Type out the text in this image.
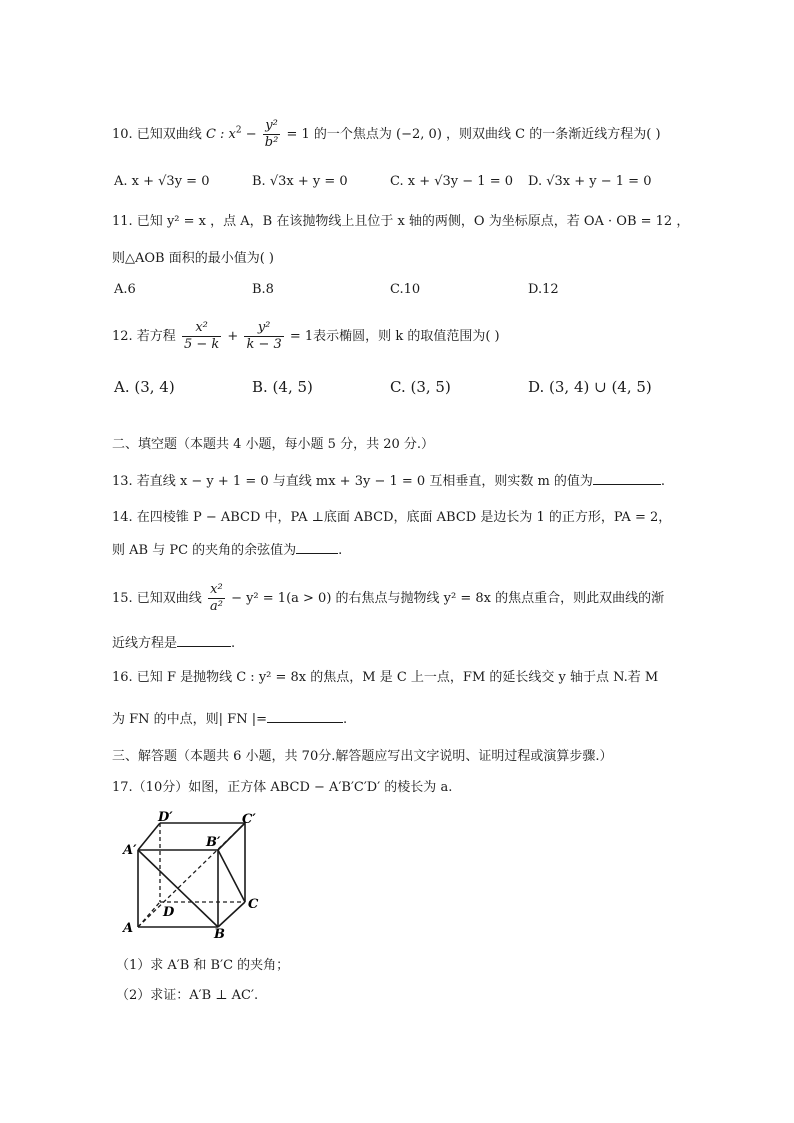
10. 已知双曲线 C : $x^2 - \frac{\text{y²}}{\text{b²}} = 1$ 的一个焦点为 (−2, 0) ，则双曲线 C 的一条渐近线方程为( )
A. x + √3y = 0	B. √3x + y = 0	C. x + √3y − 1 = 0 D. √3x + y − 1 = 0
11. 已知 y² = x ，点 A，B 在该抛物线上且位于 x 轴的两侧，O 为坐标原点，若 OA · OB = 12 ，
则△AOB 面积的最小值为( )
A.6	B.8	C.10	D.12
12. 若方程 $\frac{\text{x²}}{5 - k} + \frac{\text{y²}}{k - 3} = 1$表示椭圆，则 k 的取值范围为( )
A. (3, 4)	B. (4, 5)	C. (3, 5)	D. (3, 4) ∪ (4, 5)
二、填空题（本题共 4 小题，每小题 5 分，共 20 分.）
13. 若直线 x − y + 1 = 0 与直线 mx + 3y − 1 = 0 互相垂直，则实数 m 的值为	.
14. 在四棱锥 P − ABCD 中，PA ⊥底面 ABCD，底面 ABCD 是边长为 1 的正方形，PA = 2，
则 AB 与 PC 的夹角的余弦值为	.
15. 已知双曲线 $\frac{\text{x²}}{\text{a²}} - y^2 = 1(a > 0)$ 的右焦点与抛物线 y² = 8x 的焦点重合，则此双曲线的渐
近线方程是	.
16. 已知 F 是抛物线 C : y² = 8x 的焦点，M 是 C 上一点，FM 的延长线交 y 轴于点 N.若 M
为 FN 的中点，则| FN |=	.
三、解答题（本题共 6 小题，共 70分.解答题应写出文字说明、证明过程或演算步骤.）
17.（10分）如图，正方体 ABCD − A′B′C′D′ 的棱长为 a.
D′	C′
A′
B′
C
D
A	B
（1）求 A′B 和 B′C 的夹角；
（2）求证：A′B ⊥ AC′.
